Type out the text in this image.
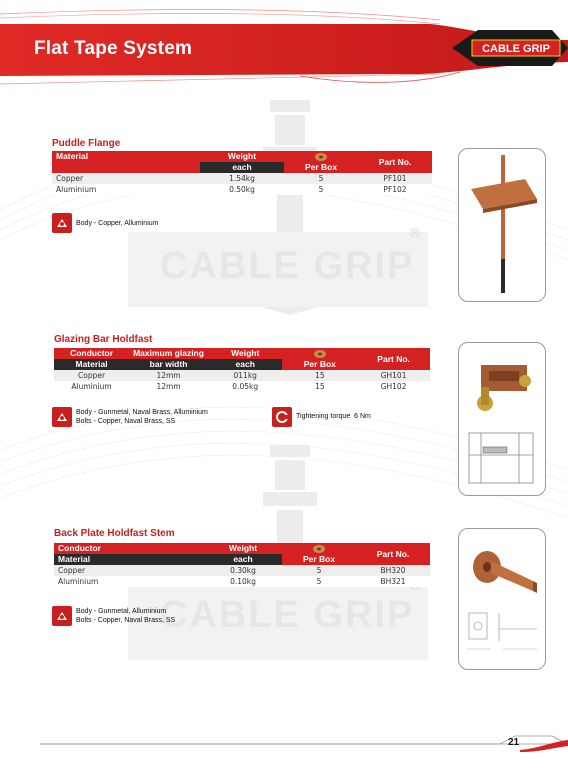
CABLE GRIP
®
CABLE GRIP
CABLE GRIP
Flat Tape System
Puddle Flange
Material	Weight	Per Box	Part No.
	each		
Copper	1.54kg	5	PF101
Aluminium	0.50kg	5	PF102
Body - Copper, Alluminium
Glazing Bar Holdfast
Conductor	Maximum glazing	Weight	Per Box	Part No.
Material	bar width	each		
Copper	12mm	011kg	15	GH101
Aluminium	12mm	0.05kg	15	GH102
Body - Gunmetal, Naval Brass, Alluminium
Bolts - Copper, Naval Brass, SS
Tightening torque 6 Nm
Back Plate Holdfast Stem
Conductor	Weight	Per Box	Part No.
Material	each		
Copper	0.30kg	5	BH320
Aluminium	0.10kg	5	BH321
Body - Gunmetal, Alluminium
Bolts - Copper, Naval Brass, SS
21
